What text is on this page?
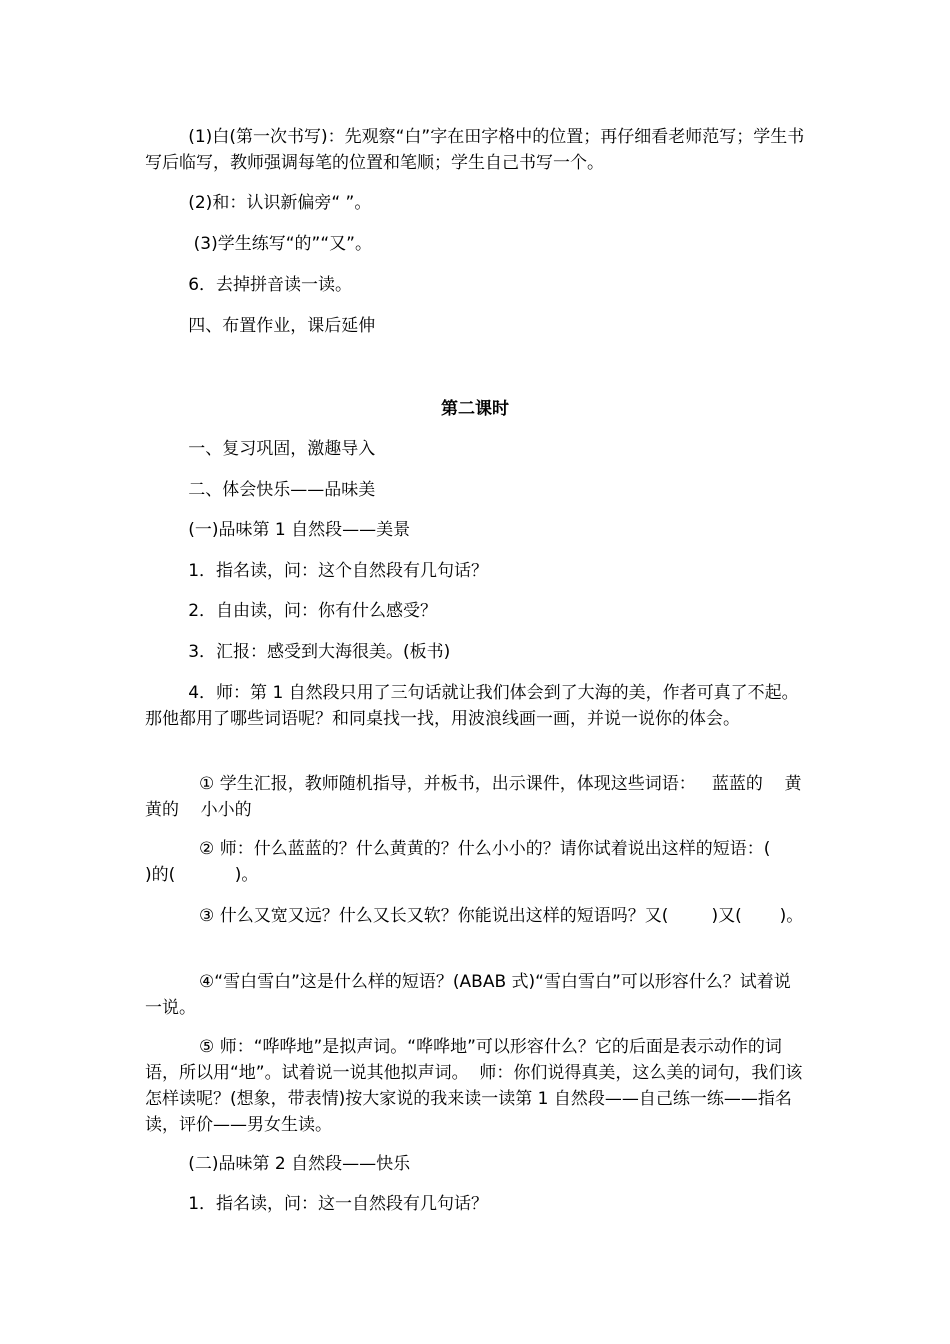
(1)白(第一次书写)：先观察“白”字在田字格中的位置；再仔细看老师范写；学生书写后临写，教师强调每笔的位置和笔顺；学生自己书写一个。

(2)和：认识新偏旁“ ”。

(3)学生练写“的”“又”。

6．去掉拼音读一读。

四、布置作业，课后延伸

第二课时

一、复习巩固，激趣导入

二、体会快乐——品味美

(一)品味第 1 自然段——美景

1．指名读，问：这个自然段有几句话？

2．自由读，问：你有什么感受？

3．汇报：感受到大海很美。(板书)

4．师：第 1 自然段只用了三句话就让我们体会到了大海的美，作者可真了不起。那他都用了哪些词语呢？和同桌找一找，用波浪线画一画，并说一说你的体会。

① 学生汇报，教师随机指导，并板书，出示课件，体现这些词语：   蓝蓝的    黄黄的    小小的

② 师：什么蓝蓝的？什么黄黄的？什么小小的？请你试着说出这样的短语：(           )的(           )。

③ 什么又宽又远？什么又长又软？你能说出这样的短语吗？又(        )又(       )。

④“雪白雪白”这是什么样的短语？(ABAB 式)“雪白雪白”可以形容什么？试着说一说。

⑤ 师：“哗哗地”是拟声词。“哗哗地”可以形容什么？它的后面是表示动作的词语，所以用“地”。试着说一说其他拟声词。  师：你们说得真美，这么美的词句，我们该怎样读呢？(想象，带表情)按大家说的我来读一读第 1 自然段——自己练一练——指名读，评价——男女生读。

(二)品味第 2 自然段——快乐

1．指名读，问：这一自然段有几句话？
